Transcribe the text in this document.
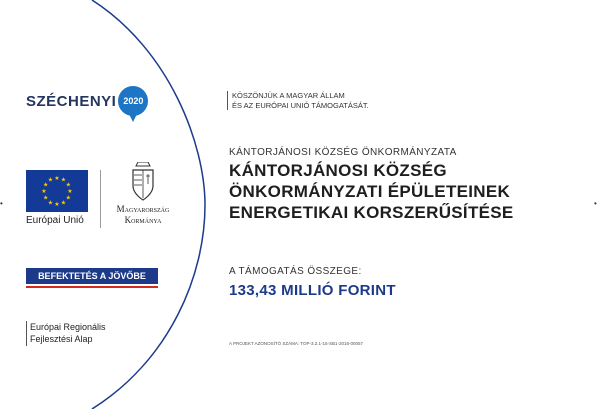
•	•
SZÉCHENYI 2020
KÖSZÖNJÜK A MAGYAR ÁLLAM
ÉS AZ EURÓPAI UNIÓ TÁMOGATÁSÁT.
★ ★
★
★
★
★
★
★
★
★
★
★
Európai Unió
Magyarország
Kormánya
KÁNTORJÁNOSI KÖZSÉG ÖNKORMÁNYZATA
KÁNTORJÁNOSI KÖZSÉG
ÖNKORMÁNYZATI ÉPÜLETEINEK
ENERGETIKAI KORSZERŰSÍTÉSE
BEFEKTETÉS A JÖVŐBE	A TÁMOGATÁS ÖSSZEGE:
133,43 MILLIÓ FORINT
Európai Regionális
Fejlesztési Alap	A PROJEKT AZONOSÍTÓ SZÁMA: TOP-3.2.1-15-SB1-2016-00057
